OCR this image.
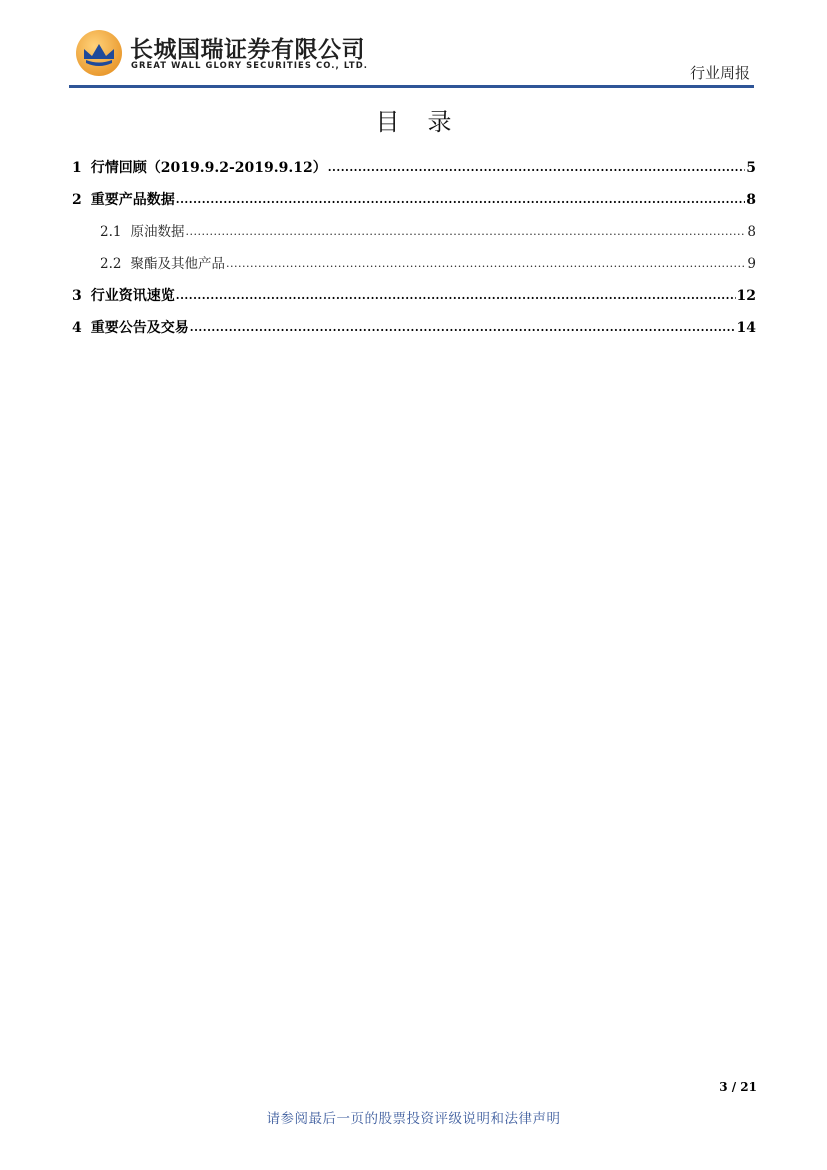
长城国瑞证券有限公司
GREAT WALL GLORY SECURITIES CO., LTD.	行业周报
目录
1 行情回顾（2019.9.2-2019.9.12） .....	5
2 重要产品数据 .....	8
2.1 原油数据 .....	8
2.2 聚酯及其他产品 .....	9
3 行业资讯速览 .....	12
4 重要公告及交易 .....	14
3 / 21
请参阅最后一页的股票投资评级说明和法律声明
